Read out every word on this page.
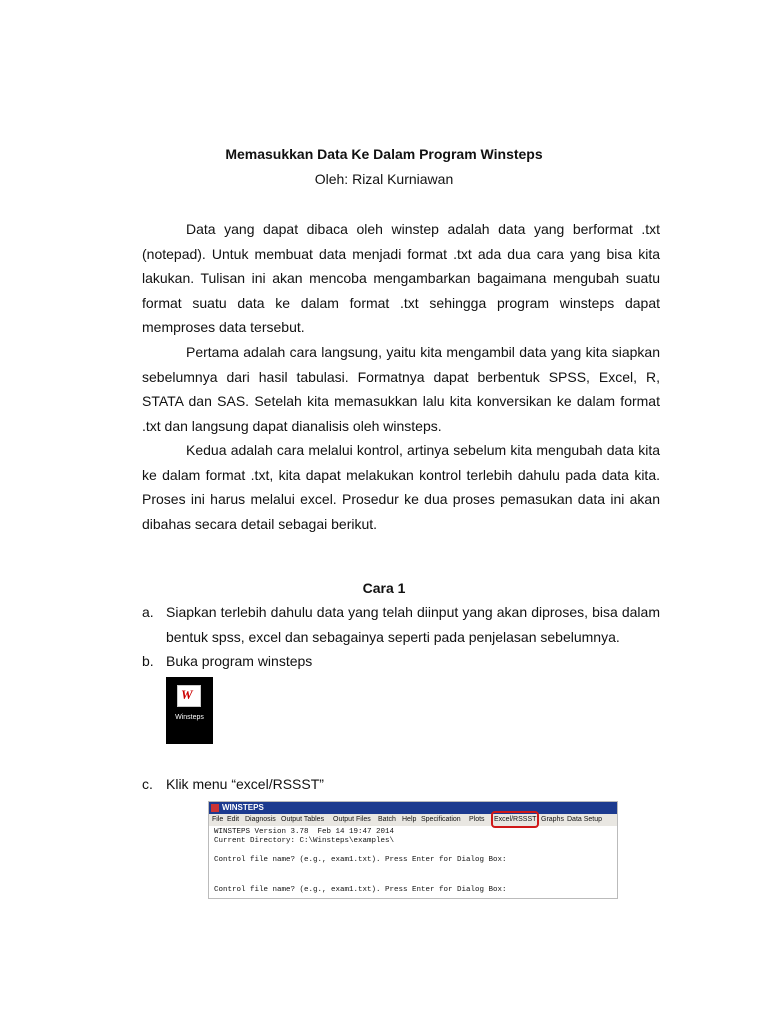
Memasukkan Data Ke Dalam Program Winsteps
Oleh: Rizal Kurniawan

Data yang dapat dibaca oleh winstep adalah data yang berformat .txt (notepad). Untuk membuat data menjadi format .txt ada dua cara yang bisa kita lakukan. Tulisan ini akan mencoba mengambarkan bagaimana mengubah suatu format suatu data ke dalam format .txt sehingga program winsteps dapat memproses data tersebut.

Pertama adalah cara langsung, yaitu kita mengambil data yang kita siapkan sebelumnya dari hasil tabulasi. Formatnya dapat berbentuk SPSS, Excel, R, STATA dan SAS. Setelah kita memasukkan lalu kita konversikan ke dalam format .txt dan langsung dapat dianalisis oleh winsteps.

Kedua adalah cara melalui kontrol, artinya sebelum kita mengubah data kita ke dalam format .txt, kita dapat melakukan kontrol terlebih dahulu pada data kita. Proses ini harus melalui excel. Prosedur ke dua proses pemasukan data ini akan dibahas secara detail sebagai berikut.

Cara 1
a. Siapkan terlebih dahulu data yang telah diinput yang akan diproses, bisa dalam bentuk spss, excel dan sebagainya seperti pada penjelasan sebelumnya.
b. Buka program winsteps
W
Winsteps
c. Klik menu “excel/RSSST”
WINSTEPS
File Edit Diagnosis Output Tables Output Files Batch Help Specification Plots Excel/RSSST Graphs Data Setup
WINSTEPS Version 3.78  Feb 14 19:47 2014
Current Directory: C:\Winsteps\examples\
Control file name? (e.g., exam1.txt). Press Enter for Dialog Box:
Control file name? (e.g., exam1.txt). Press Enter for Dialog Box:
